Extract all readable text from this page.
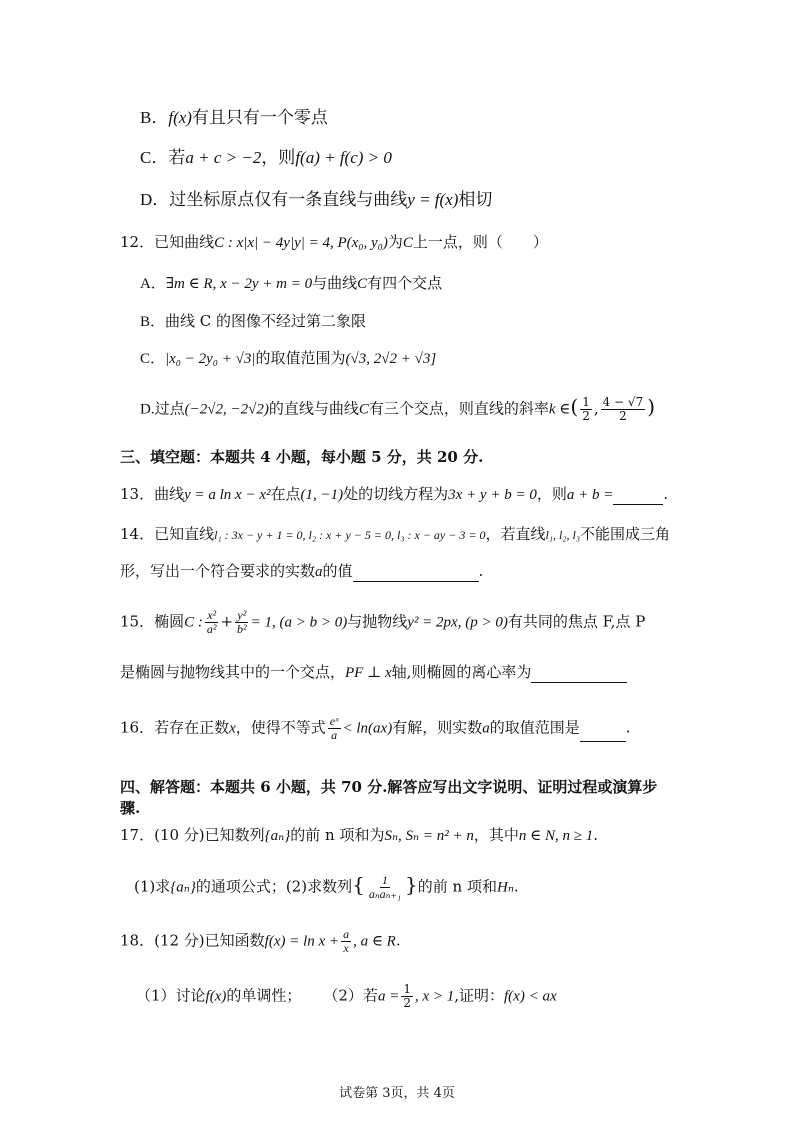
B．f(x)有且只有一个零点
C．若a + c > −2，则f(a) + f(c) > 0
D．过坐标原点仅有一条直线与曲线y = f(x)相切
12．已知曲线C : x|x| − 4y|y| = 4, P(x₀, y₀)为C上一点，则（　　）
A．∃m ∈ R, x − 2y + m = 0与曲线C有四个交点
B．曲线 C 的图像不经过第二象限
C．|x₀ − 2y₀ + √3|的取值范围为(√3, 2√2 + √3]
D.过点(−2√2, −2√2)的直线与曲线C有三个交点，则直线的斜率k ∈( $\frac{1}{2}$ , $\frac{4 - √7}{2}$ )
三、填空题：本题共 4 小题，每小题 5 分，共 20 分.
13．曲线y = a ln x − x²在点(1, −1)处的切线方程为3x + y + b = 0，则a + b =	.
14．已知直线l₁ : 3x − y + 1 = 0, l₂ : x + y − 5 = 0, l₃ : x − ay − 3 = 0，若直线l₁, l₂, l₃不能围成三角
形，写出一个符合要求的实数a的值	.
15．椭圆C : $\frac{\text{x²}}{\text{a²}} + \frac{\text{y²}}{\text{b²}} = 1$, (a > b > 0)与抛物线y² = 2px, (p > 0)有共同的焦点 F,点 P
是椭圆与抛物线其中的一个交点，PF ⊥ x轴,则椭圆的离心率为
16．若存在正数x，使得不等式 $\frac{\text{eˣ}}{a} < \ln(ax)$有解，则实数a的取值范围是	.
四、解答题：本题共 6 小题，共 70 分.解答应写出文字说明、证明过程或演算步
骤.
17．(10 分)已知数列{aₙ}的前 n 项和为Sₙ, Sₙ = n² + n，其中n ∈ N, n ≥ 1.
(1)求{aₙ}的通项公式；(2)求数列{ $\frac{1}{\text{aₙaₙ₊₁}}$ }的前 n 项和Hₙ.
18．(12 分)已知函数$f(x) = \ln x + \frac{a}{x}$ , a ∈ R.
（1）讨论f(x)的单调性； （2）若$a = \frac{1}{2}$ , x > 1,证明：f(x) < ax
试卷第 3页，共 4页
